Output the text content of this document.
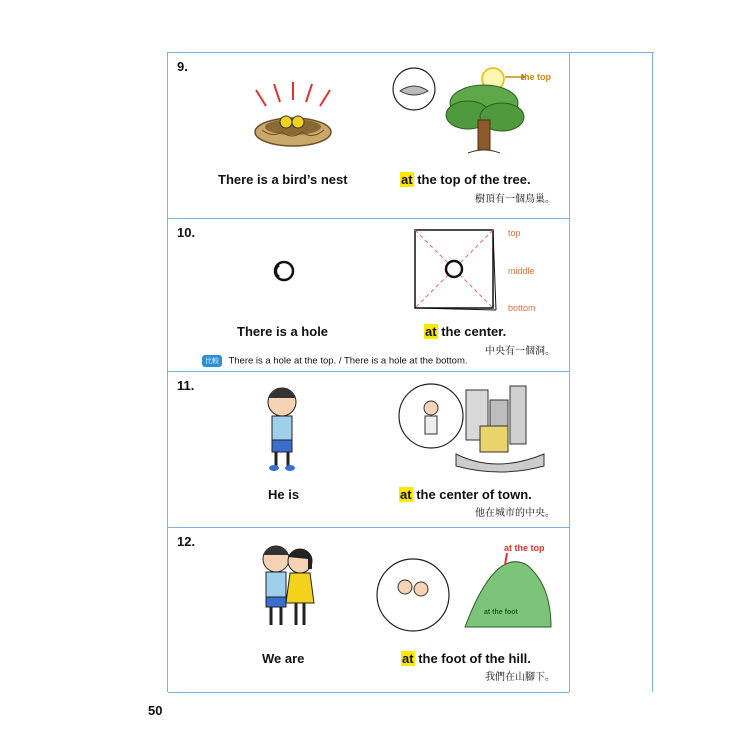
9.
the top
There is a bird’s nest	at the top of the tree.
樹頂有一個鳥巢。
10.	top
middle
bottom
There is a hole	at the center.
中央有一個洞。
比較 There is a hole at the top. / There is a hole at the bottom.
11.
He is	at the center of town.
他在城市的中央。
12.	at the top
at the foot
We are	at the foot of the hill.
我們在山腳下。
50
